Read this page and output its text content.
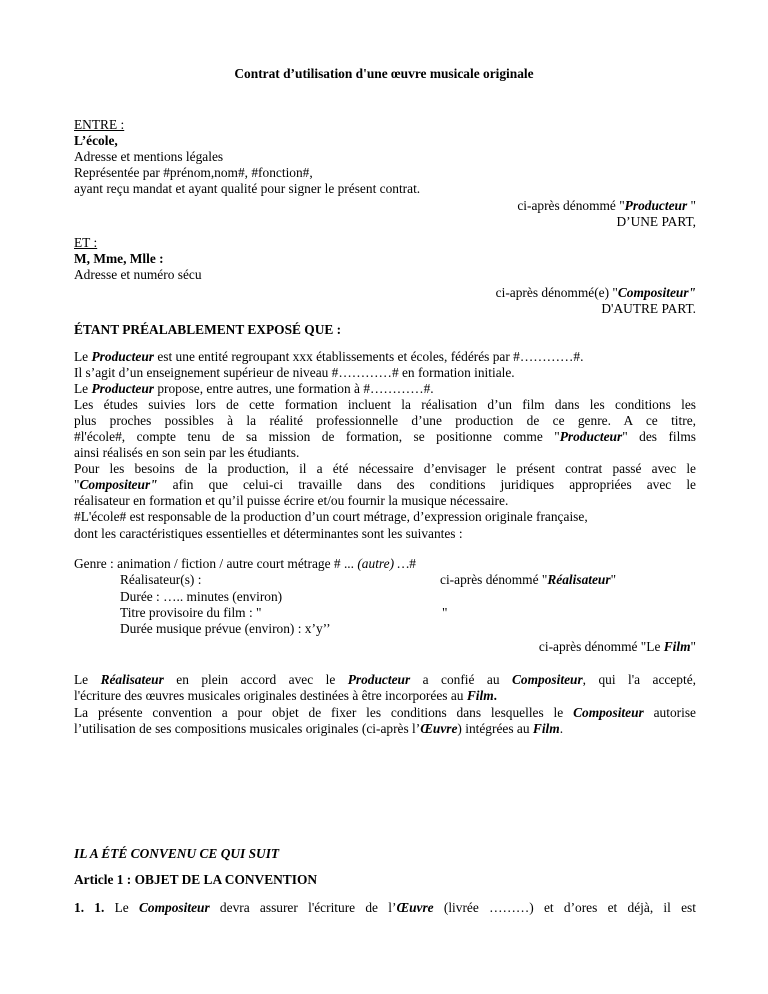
Contrat d’utilisation d'une œuvre musicale originale
ENTRE :
L’école,
Adresse et mentions légales
Représentée par #prénom,nom#, #fonction#,
ayant reçu mandat et ayant qualité pour signer le présent contrat.
ci-après dénommé "Producteur "
D’UNE PART,
ET :
M, Mme, Mlle :
Adresse et numéro sécu
ci-après dénommé(e) "Compositeur"
D'AUTRE PART.
ÉTANT PRÉALABLEMENT EXPOSÉ QUE :
Le Producteur est une entité regroupant xxx établissements et écoles, fédérés par #…………#.
Il s’agit d’un enseignement supérieur de niveau #…………# en formation initiale.
Le Producteur propose, entre autres, une formation à #…………#.
Les études suivies lors de cette formation incluent la réalisation d’un film dans les conditions les
plus proches possibles à la réalité professionnelle d’une production de ce genre. A ce titre,
#l'école#, compte tenu de sa mission de formation, se positionne comme "Producteur" des films
ainsi réalisés en son sein par les étudiants.
Pour les besoins de la production, il a été nécessaire d’envisager le présent contrat passé avec le
"Compositeur" afin que celui-ci travaille dans des conditions juridiques appropriées avec le
réalisateur en formation et qu’il puisse écrire et/ou fournir la musique nécessaire.
#L'école# est responsable de la production d’un court métrage, d’expression originale française,
dont les caractéristiques essentielles et déterminantes sont les suivantes :
Genre : animation / fiction / autre court métrage # ... (autre) …#
Réalisateur(s) :	ci-après dénommé "Réalisateur"
Durée : ….. minutes (environ)
Titre provisoire du film : "	"
Durée musique prévue (environ) : x’y’’
ci-après dénommé "Le Film"
Le Réalisateur en plein accord avec le Producteur a confié au Compositeur, qui l'a accepté,
l'écriture des œuvres musicales originales destinées à être incorporées au Film.
La présente convention a pour objet de fixer les conditions dans lesquelles le Compositeur autorise
l’utilisation de ses compositions musicales originales (ci-après l’Œuvre) intégrées au Film.
IL A ÉTÉ CONVENU CE QUI SUIT
Article 1 : OBJET DE LA CONVENTION
1. 1. Le Compositeur devra assurer l'écriture de l’Œuvre (livrée ………) et d’ores et déjà, il est
